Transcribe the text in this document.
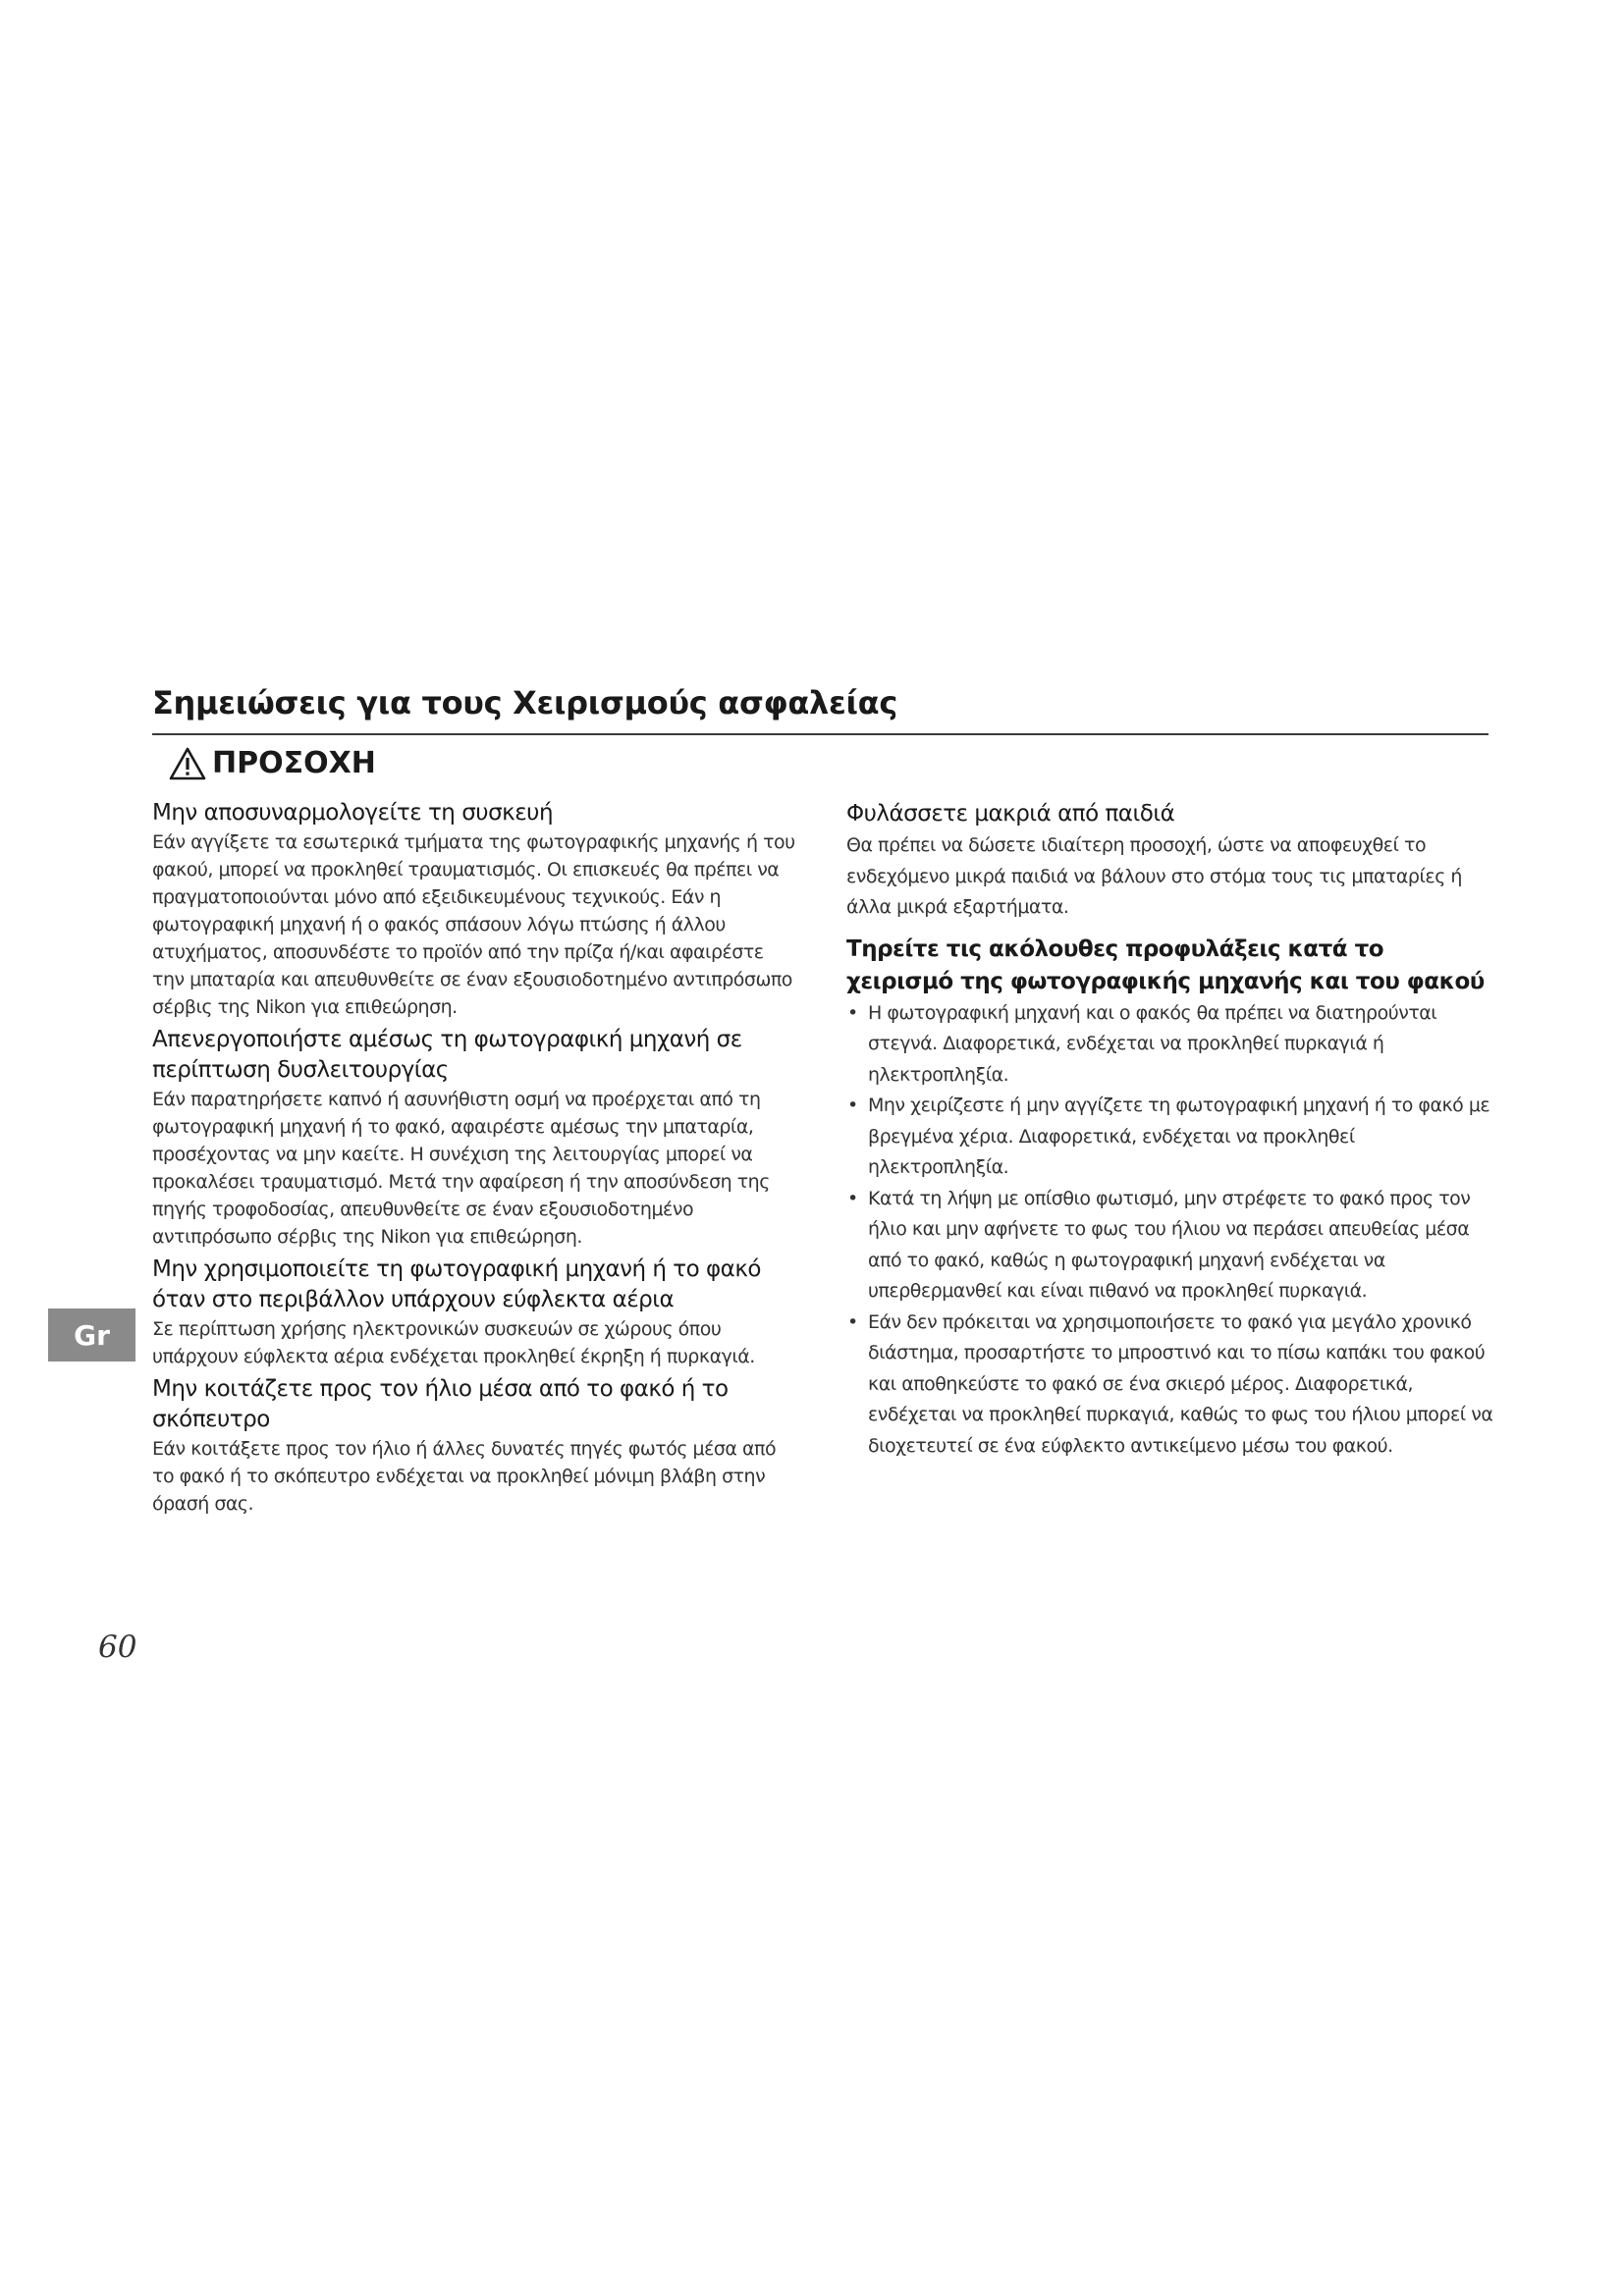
Σημειώσεις για τους Χειρισμούς ασφαλείας
ΠΡΟΣΟΧΗ
Μην αποσυναρμολογείτε τη συσκευή
Εάν αγγίξετε τα εσωτερικά τμήματα της φωτογραφικής μηχανής ή του φακού, μπορεί να προκληθεί τραυματισμός. Οι επισκευές θα πρέπει να πραγματοποιούνται μόνο από εξειδικευμένους τεχνικούς. Εάν η φωτογραφική μηχανή ή ο φακός σπάσουν λόγω πτώσης ή άλλου ατυχήματος, αποσυνδέστε το προϊόν από την πρίζα ή/και αφαιρέστε την μπαταρία και απευθυνθείτε σε έναν εξουσιοδοτημένο αντιπρόσωπο σέρβις της Nikon για επιθεώρηση.
Απενεργοποιήστε αμέσως τη φωτογραφική μηχανή σε περίπτωση δυσλειτουργίας
Εάν παρατηρήσετε καπνό ή ασυνήθιστη οσμή να προέρχεται από τη φωτογραφική μηχανή ή το φακό, αφαιρέστε αμέσως την μπαταρία, προσέχοντας να μην καείτε. Η συνέχιση της λειτουργίας μπορεί να προκαλέσει τραυματισμό. Μετά την αφαίρεση ή την αποσύνδεση της πηγής τροφοδοσίας, απευθυνθείτε σε έναν εξουσιοδοτημένο αντιπρόσωπο σέρβις της Nikon για επιθεώρηση.
Μην χρησιμοποιείτε τη φωτογραφική μηχανή ή το φακό όταν στο περιβάλλον υπάρχουν εύφλεκτα αέρια
Σε περίπτωση χρήσης ηλεκτρονικών συσκευών σε χώρους όπου υπάρχουν εύφλεκτα αέρια ενδέχεται προκληθεί έκρηξη ή πυρκαγιά.
Μην κοιτάζετε προς τον ήλιο μέσα από το φακό ή το σκόπευτρο
Εάν κοιτάξετε προς τον ήλιο ή άλλες δυνατές πηγές φωτός μέσα από το φακό ή το σκόπευτρο ενδέχεται να προκληθεί μόνιμη βλάβη στην όρασή σας.
Φυλάσσετε μακριά από παιδιά
Θα πρέπει να δώσετε ιδιαίτερη προσοχή, ώστε να αποφευχθεί το ενδεχόμενο μικρά παιδιά να βάλουν στο στόμα τους τις μπαταρίες ή άλλα μικρά εξαρτήματα.
Τηρείτε τις ακόλουθες προφυλάξεις κατά το χειρισμό της φωτογραφικής μηχανής και του φακού
• Η φωτογραφική μηχανή και ο φακός θα πρέπει να διατηρούνται στεγνά. Διαφορετικά, ενδέχεται να προκληθεί πυρκαγιά ή ηλεκτροπληξία.
• Μην χειρίζεστε ή μην αγγίζετε τη φωτογραφική μηχανή ή το φακό με βρεγμένα χέρια. Διαφορετικά, ενδέχεται να προκληθεί ηλεκτροπληξία.
• Κατά τη λήψη με οπίσθιο φωτισμό, μην στρέφετε το φακό προς τον ήλιο και μην αφήνετε το φως του ήλιου να περάσει απευθείας μέσα από το φακό, καθώς η φωτογραφική μηχανή ενδέχεται να υπερθερμανθεί και είναι πιθανό να προκληθεί πυρκαγιά.
• Εάν δεν πρόκειται να χρησιμοποιήσετε το φακό για μεγάλο χρονικό διάστημα, προσαρτήστε το μπροστινό και το πίσω καπάκι του φακού και αποθηκεύστε το φακό σε ένα σκιερό μέρος. Διαφορετικά, ενδέχεται να προκληθεί πυρκαγιά, καθώς το φως του ήλιου μπορεί να διοχετευτεί σε ένα εύφλεκτο αντικείμενο μέσω του φακού.
Gr
60
